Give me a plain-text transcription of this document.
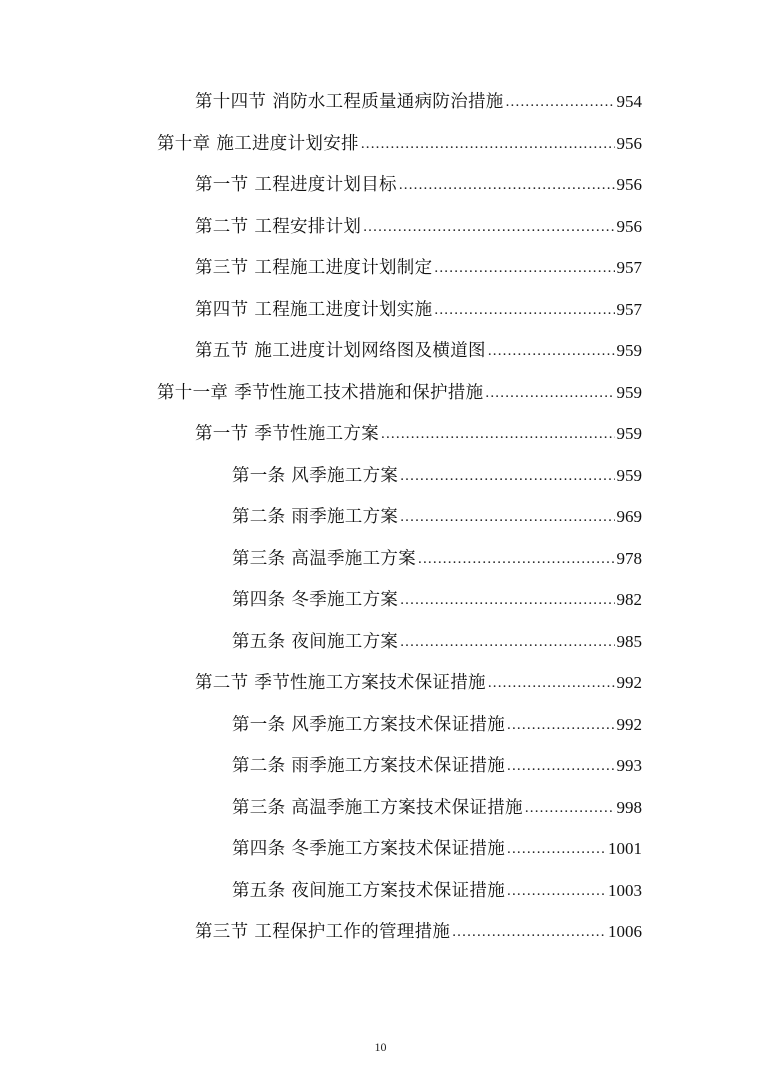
第十四节 消防水工程质量通病防治措施 .....	954
第十章 施工进度计划安排 .....	956
第一节 工程进度计划目标 .....	956
第二节 工程安排计划 .....	956
第三节 工程施工进度计划制定 .....	957
第四节 工程施工进度计划实施 .....	957
第五节 施工进度计划网络图及横道图 .....	959
第十一章 季节性施工技术措施和保护措施 .....	959
第一节 季节性施工方案 .....	959
第一条 风季施工方案 .....	959
第二条 雨季施工方案 .....	969
第三条 高温季施工方案 .....	978
第四条 冬季施工方案 .....	982
第五条 夜间施工方案 .....	985
第二节 季节性施工方案技术保证措施 .....	992
第一条 风季施工方案技术保证措施 .....	992
第二条 雨季施工方案技术保证措施 .....	993
第三条 高温季施工方案技术保证措施 .....	998
第四条 冬季施工方案技术保证措施 .....	1001
第五条 夜间施工方案技术保证措施 .....	1003
第三节 工程保护工作的管理措施 .....	1006
10
